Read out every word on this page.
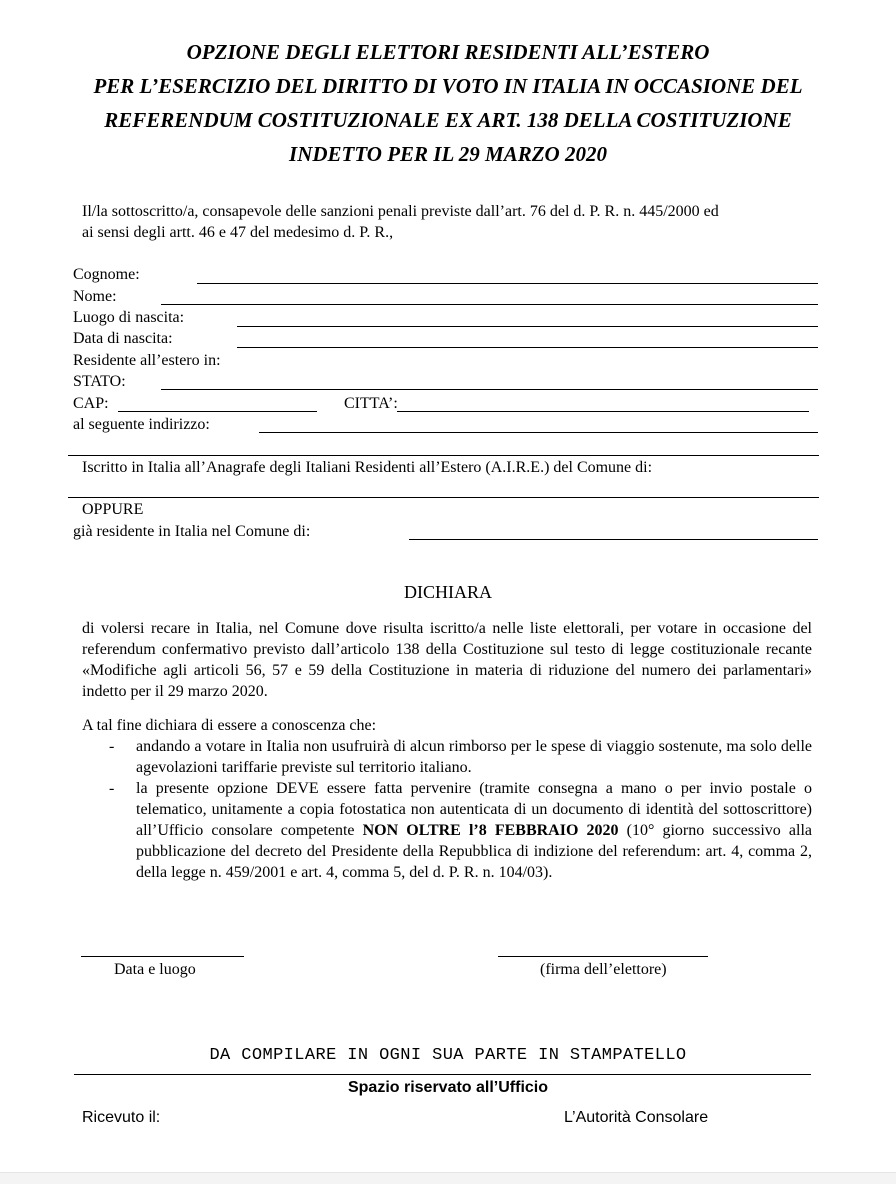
OPZIONE DEGLI ELETTORI RESIDENTI ALL’ESTERO
PER L’ESERCIZIO DEL DIRITTO DI VOTO IN ITALIA IN OCCASIONE DEL
REFERENDUM COSTITUZIONALE EX ART. 138 DELLA COSTITUZIONE
INDETTO PER IL 29 MARZO 2020
Il/la sottoscritto/a, consapevole delle sanzioni penali previste dall’art. 76 del d. P. R. n. 445/2000 ed
ai sensi degli artt. 46 e 47 del medesimo d. P. R.,
Cognome:
Nome:
Luogo di nascita:
Data di nascita:
Residente all’estero in:
STATO:
CAP:	CITTA’:
al seguente indirizzo:
Iscritto in Italia all’Anagrafe degli Italiani Residenti all’Estero (A.I.R.E.) del Comune di:
OPPURE
già residente in Italia nel Comune di:
DICHIARA
di volersi recare in Italia, nel Comune dove risulta iscritto/a nelle liste elettorali, per votare in occasione del referendum confermativo previsto dall’articolo 138 della Costituzione sul testo di legge costituzionale recante «Modifiche agli articoli 56, 57 e 59 della Costituzione in materia di riduzione del numero dei parlamentari» indetto per il 29 marzo 2020.
A tal fine dichiara di essere a conoscenza che:
- andando a votare in Italia non usufruirà di alcun rimborso per le spese di viaggio sostenute, ma solo delle agevolazioni tariffarie previste sul territorio italiano.
- la presente opzione DEVE essere fatta pervenire (tramite consegna a mano o per invio postale o telematico, unitamente a copia fotostatica non autenticata di un documento di identità del sottoscrittore) all’Ufficio consolare competente NON OLTRE l’8 FEBBRAIO 2020 (10° giorno successivo alla pubblicazione del decreto del Presidente della Repubblica di indizione del referendum: art. 4, comma 2, della legge n. 459/2001 e art. 4, comma 5, del d. P. R. n. 104/03).
Data e luogo	(firma dell’elettore)
DA COMPILARE IN OGNI SUA PARTE IN STAMPATELLO
Spazio riservato all’Ufficio
Ricevuto il:	L’Autorità Consolare
